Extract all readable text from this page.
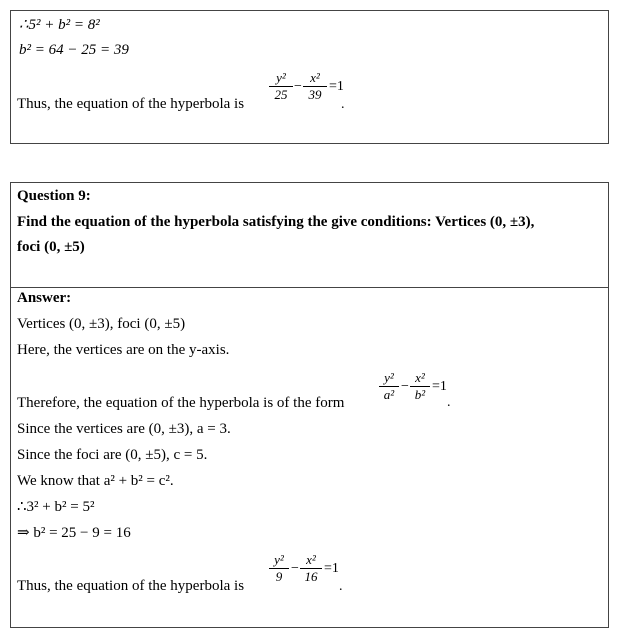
∴5² + b² = 8²
b² = 64 − 25 = 39
Thus, the equation of the hyperbola is
y²
25
−
x²
39
=1
.
Question 9:
Find the equation of the hyperbola satisfying the give conditions: Vertices (0, ±3),
foci (0, ±5)
Answer:
Vertices (0, ±3), foci (0, ±5)
Here, the vertices are on the y-axis.
Therefore, the equation of the hyperbola is of the form
y²
a²
−
x²
b²
=1
.
Since the vertices are (0, ±3), a = 3.
Since the foci are (0, ±5), c = 5.
We know that a² + b² = c².
∴3² + b² = 5²
⇒ b² = 25 − 9 = 16
Thus, the equation of the hyperbola is
y²
9
−
x²
16
=1
.
